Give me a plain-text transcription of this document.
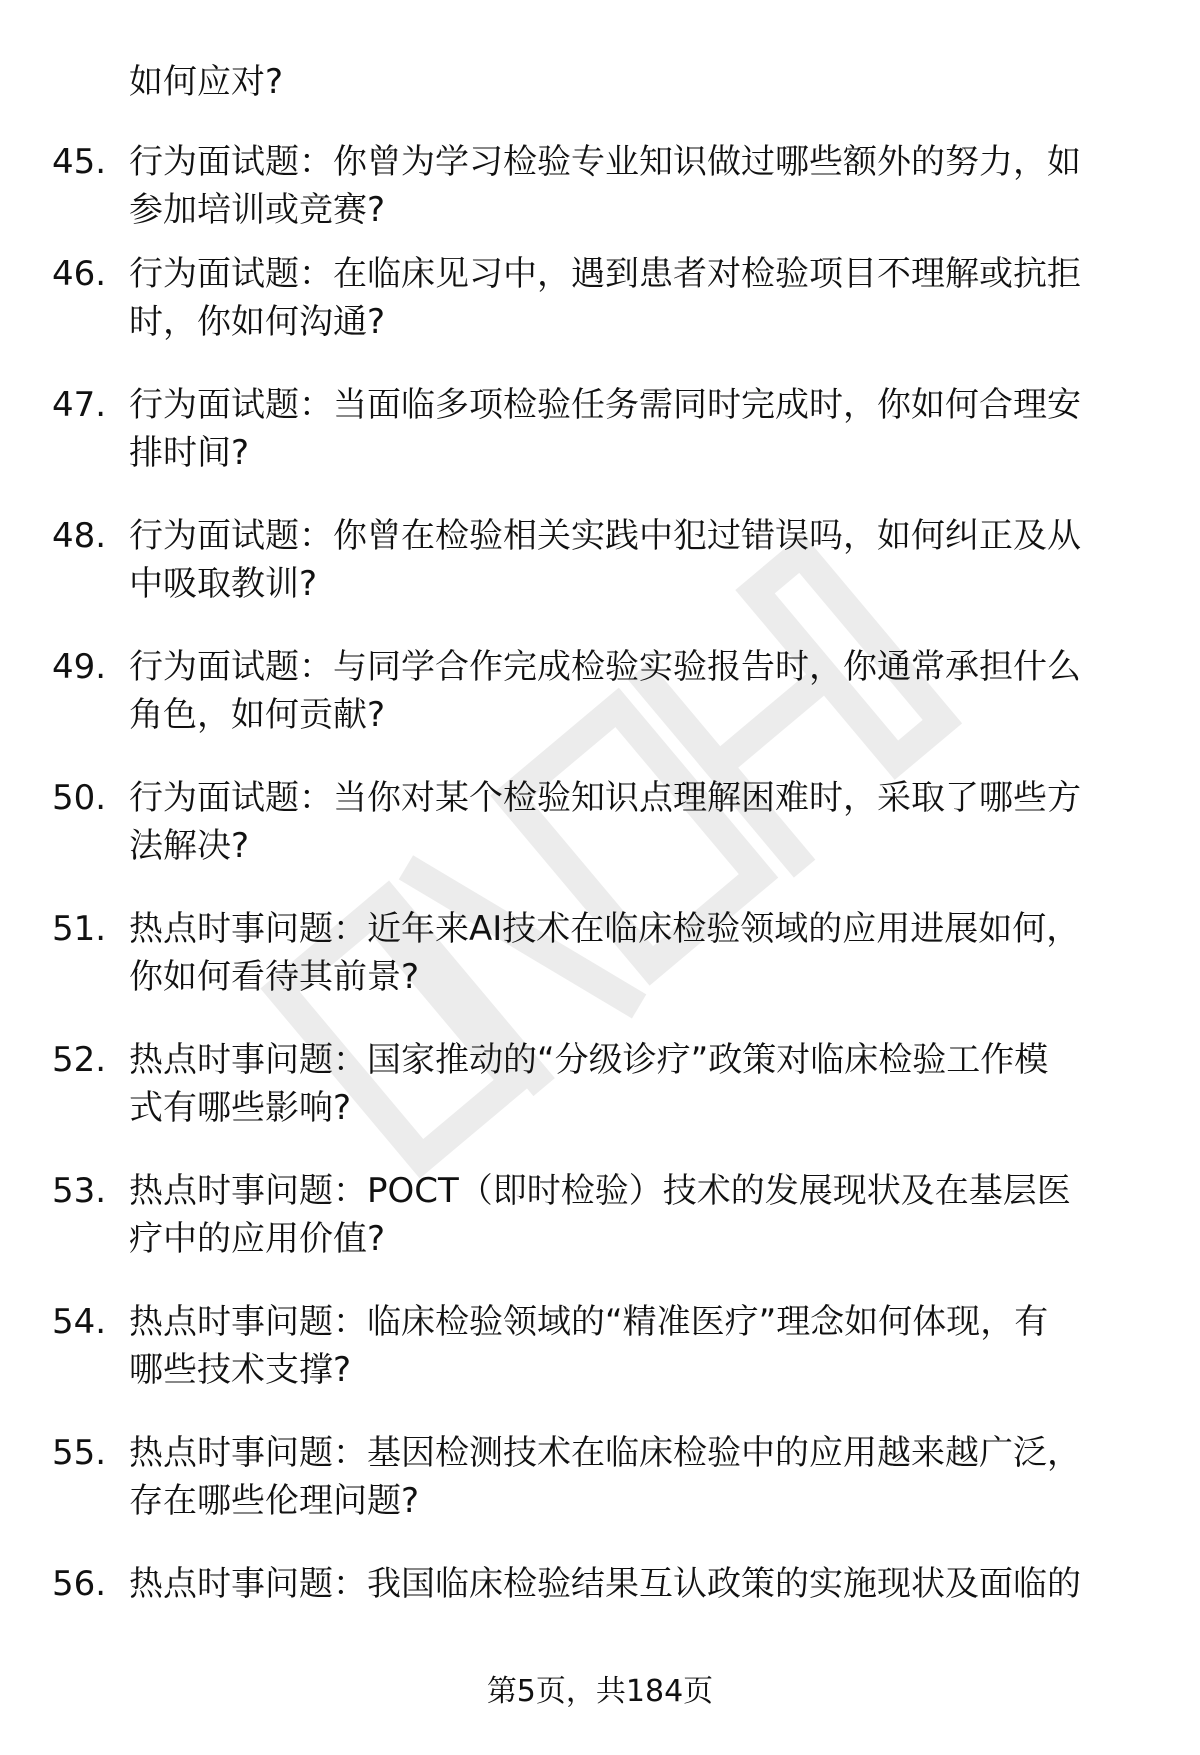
如何应对?
45. 行为面试题：你曾为学习检验专业知识做过哪些额外的努力，如
参加培训或竞赛?
46. 行为面试题：在临床见习中，遇到患者对检验项目不理解或抗拒
时，你如何沟通?
47. 行为面试题：当面临多项检验任务需同时完成时，你如何合理安
排时间?
48. 行为面试题：你曾在检验相关实践中犯过错误吗，如何纠正及从
中吸取教训?
49. 行为面试题：与同学合作完成检验实验报告时，你通常承担什么
角色，如何贡献?
50. 行为面试题：当你对某个检验知识点理解困难时，采取了哪些方
法解决?
51. 热点时事问题：近年来AI技术在临床检验领域的应用进展如何，
你如何看待其前景?
52. 热点时事问题：国家推动的“分级诊疗”政策对临床检验工作模
式有哪些影响?
53. 热点时事问题：POCT（即时检验）技术的发展现状及在基层医
疗中的应用价值?
54. 热点时事问题：临床检验领域的“精准医疗”理念如何体现，有
哪些技术支撑?
55. 热点时事问题：基因检测技术在临床检验中的应用越来越广泛，
存在哪些伦理问题?
56. 热点时事问题：我国临床检验结果互认政策的实施现状及面临的
第5页，共184页
